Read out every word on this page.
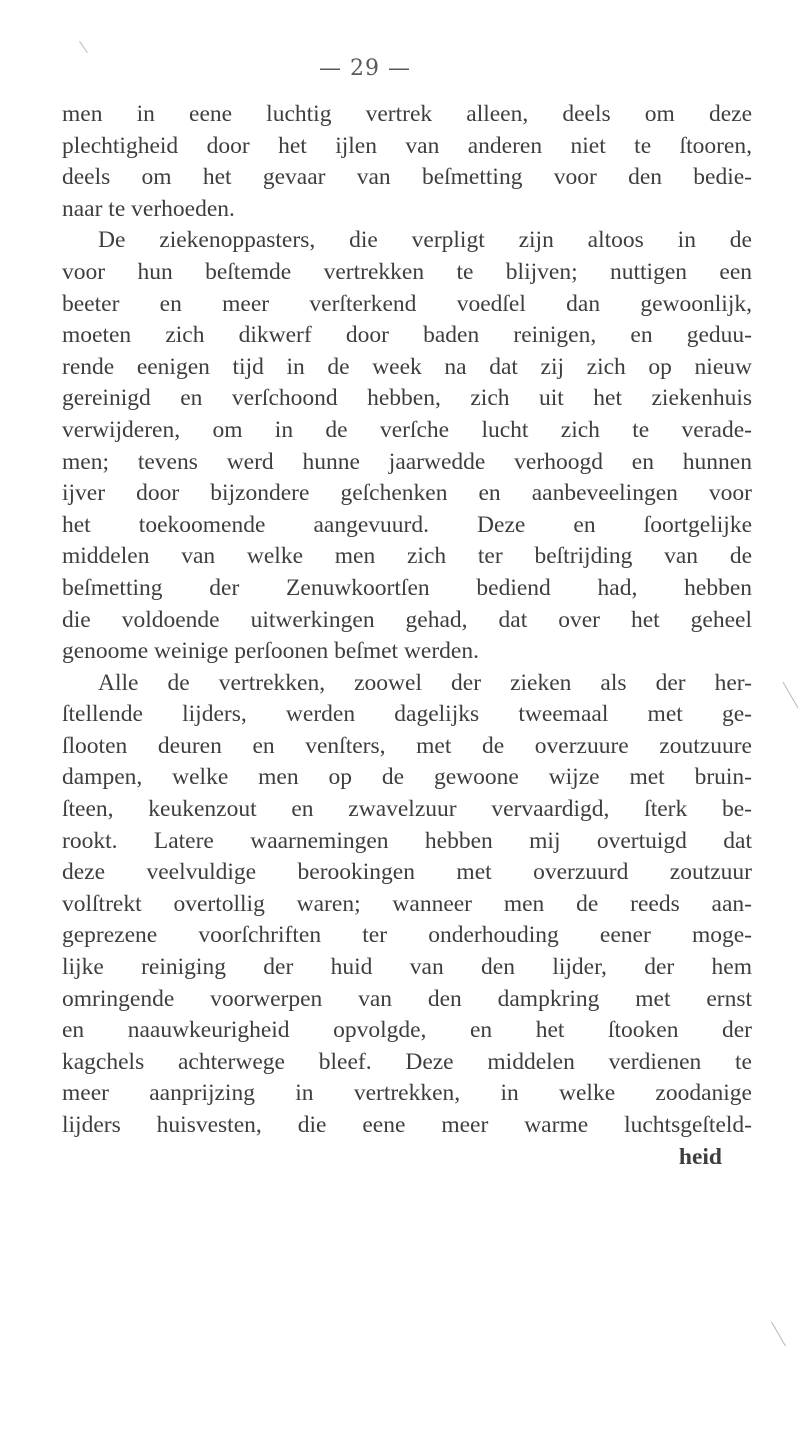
— 29 —
men in eene luchtig vertrek alleen, deels om deze
plechtigheid door het ijlen van anderen niet te ſtooren,
deels om het gevaar van beſmetting voor den bedie-
naar te verhoeden.
De ziekenoppasters, die verpligt zijn altoos in de
voor hun beſtemde vertrekken te blijven; nuttigen een
beeter en meer verſterkend voedſel dan gewoonlijk,
moeten zich dikwerf door baden reinigen, en geduu-
rende eenigen tijd in de week na dat zij zich op nieuw
gereinigd en verſchoond hebben, zich uit het ziekenhuis
verwijderen, om in de verſche lucht zich te verade-
men; tevens werd hunne jaarwedde verhoogd en hunnen
ijver door bijzondere geſchenken en aanbeveelingen voor
het toekoomende aangevuurd. Deze en ſoortgelijke
middelen van welke men zich ter beſtrijding van de
beſmetting der Zenuwkoortſen bediend had, hebben
die voldoende uitwerkingen gehad, dat over het geheel
genoome weinige perſoonen beſmet werden.
Alle de vertrekken, zoowel der zieken als der her-
ſtellende lijders, werden dagelijks tweemaal met ge-
ſlooten deuren en venſters, met de overzuure zoutzuure
dampen, welke men op de gewoone wijze met bruin-
ſteen, keukenzout en zwavelzuur vervaardigd, ſterk be-
rookt. Latere waarnemingen hebben mij overtuigd dat
deze veelvuldige berookingen met overzuurd zoutzuur
volſtrekt overtollig waren; wanneer men de reeds aan-
geprezene voorſchriften ter onderhouding eener moge-
lijke reiniging der huid van den lijder, der hem
omringende voorwerpen van den dampkring met ernst
en naauwkeurigheid opvolgde, en het ſtooken der
kagchels achterwege bleef. Deze middelen verdienen te
meer aanprijzing in vertrekken, in welke zoodanige
lijders huisvesten, die eene meer warme luchtsgeſteld-
heid
